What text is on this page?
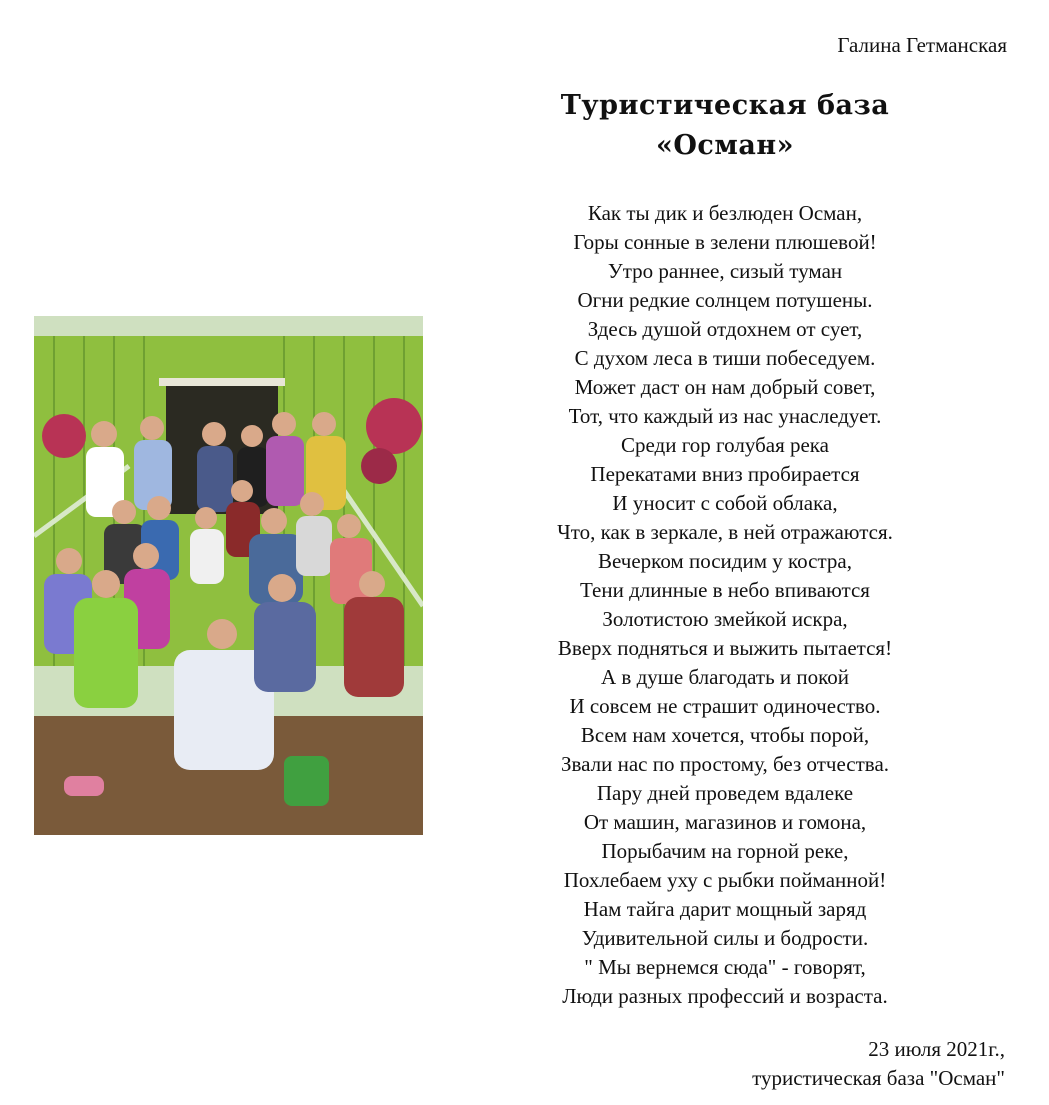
Галина Гетманская
Туристическая база
«Осман»
Как ты дик и безлюден Осман,
Горы сонные в зелени плюшевой!
Утро раннее, сизый туман
Огни редкие солнцем потушены.
Здесь душой отдохнем от сует,
С духом леса в тиши побеседуем.
Может даст он нам добрый совет,
Тот, что каждый из нас унаследует.
Среди гор голубая река
Перекатами вниз пробирается
И уносит с собой облака,
Что, как в зеркале, в ней отражаются.
Вечерком посидим у костра,
Тени длинные в небо впиваются
Золотистою змейкой искра,
Вверх подняться и выжить пытается!
А в душе благодать и покой
И совсем не страшит одиночество.
Всем нам хочется, чтобы порой,
Звали нас по простому, без отчества.
Пару дней проведем вдалеке
От машин, магазинов и гомона,
Порыбачим на горной реке,
Похлебаем уху с рыбки пойманной!
Нам тайга дарит мощный заряд
Удивительной силы и бодрости.
" Мы вернемся сюда" - говорят,
Люди разных профессий и возраста.
23 июля 2021г.,
туристическая база "Осман"
